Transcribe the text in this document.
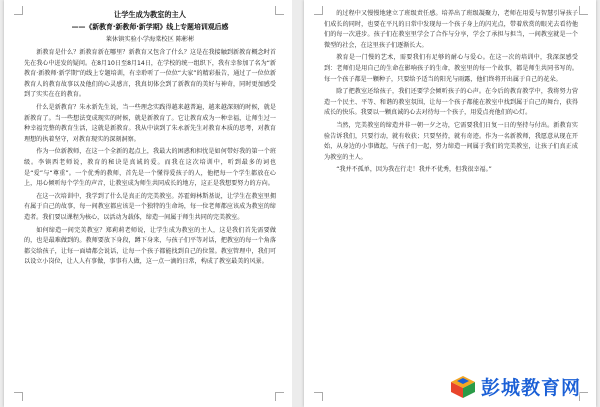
让学生成为教室的主人
——《新教育·新教师·新学期》线上专题培训观后感
莱休镇实验小学海棠校区 陈彬彬

新教育是什么？新教育新在哪里？新教育又包含了什么？这是在我接触到新教育概念时首先在我心中迸发的疑问。在8月10日至8月14日，在学校的统一组织下，我有幸参加了名为“新教育·新教师·新学期”的线上专题培训，有幸聆听了一位位“大家”的精彩报告，通过了一位位新教育人的教育故事以及他们的心灵感言，我真切体会到了新教育的美好与神奇，同时更加感受到了实实在在的教育。

什么是新教育？朱永新先生说，当一些理念实践得越来越普遍，越来越深刻的时候，就是新教育了。当一些想法变成现实的时候，就是新教育了。它让教育成为一种幸福，让师生过一种幸福完整的教育生活，这就是新教育。我从中读到了朱永新先生对教育本质的思考，对教育理想的执着坚守，对教育现实的深刻洞察。

作为一位新教师，在这一个全新的起点上，我最大的困惑和担忧是如何带好我的第一个班级。李镇西老师说，教育的秘诀是真诚的爱。而我在这次培训中，听到最多的词也是“爱”与“尊重”。一个优秀的教师，首先是一个懂得爱孩子的人，他把每一个学生都放在心上，用心倾听每个学生的声音，让教室成为师生共同成长的地方，这正是我想要努力的方向。

在这一次培训中，我学到了什么是真正的完美教室。苏霍姆林斯基说，让学生在教室里拥有属于自己的故事，每一间教室都应该是一个独特的生命场，每一位老师都应该成为教室的缔造者。我们要以课程为核心，以活动为载体，缔造一间属于师生共同的完美教室。

如何缔造一间完美教室？郑莉莉老师说，让学生成为教室的主人，这是我们首先需要做的，也是最难做到的。教师要放下身段，蹲下身来，与孩子们平等对话，把教室的每一个角落都交给孩子，让每一面墙都会说话，让每一个孩子都能找到自己的位置。教室管理中，我们可以设立小岗位，让人人有事做，事事有人做，这一点一滴的日常，构成了教室最美的风景。

的过程中又慢慢地建立了班级责任感。培养出了班级凝聚力，老师在用爱与智慧引导孩子们成长的同时，也要在平凡的日常中发现每一个孩子身上的闪光点，带着欣赏的眼光去看待他们的每一次进步。孩子们在教室里学会了合作与分享，学会了承担与担当，一间教室就是一个微型的社会，在这里孩子们逐渐长大。

教育是一门慢的艺术，需要我们有足够的耐心与爱心。在这一次的培训中，我深深感受到：老师们是用自己的生命在影响孩子的生命，教室里的每一个故事，都是师生共同书写的。每一个孩子都是一颗种子，只要给予适当的阳光与雨露，他们终将开出属于自己的花朵。

除了把教室还给孩子，我们还要学会倾听孩子的心声。在今后的教育教学中，我将努力营造一个民主、平等、和谐的教室氛围，让每一个孩子都能在教室中找到属于自己的舞台，获得成长的快乐。我要以一颗真诚的心去对待每一个孩子，用爱点亮他们的心灯。

当然，完美教室的缔造并非一朝一夕之功，它需要我们日复一日的坚持与付出。新教育实验告诉我们，只要行动，就有收获；只要坚持，就有奇迹。作为一名新教师，我愿意从现在开始，从身边的小事做起，与孩子们一起，努力缔造一间属于我们的完美教室，让孩子们真正成为教室的主人。

“我并不孤单，因为我在行走！我并不优秀，但我很幸福。”

彭城教育网
